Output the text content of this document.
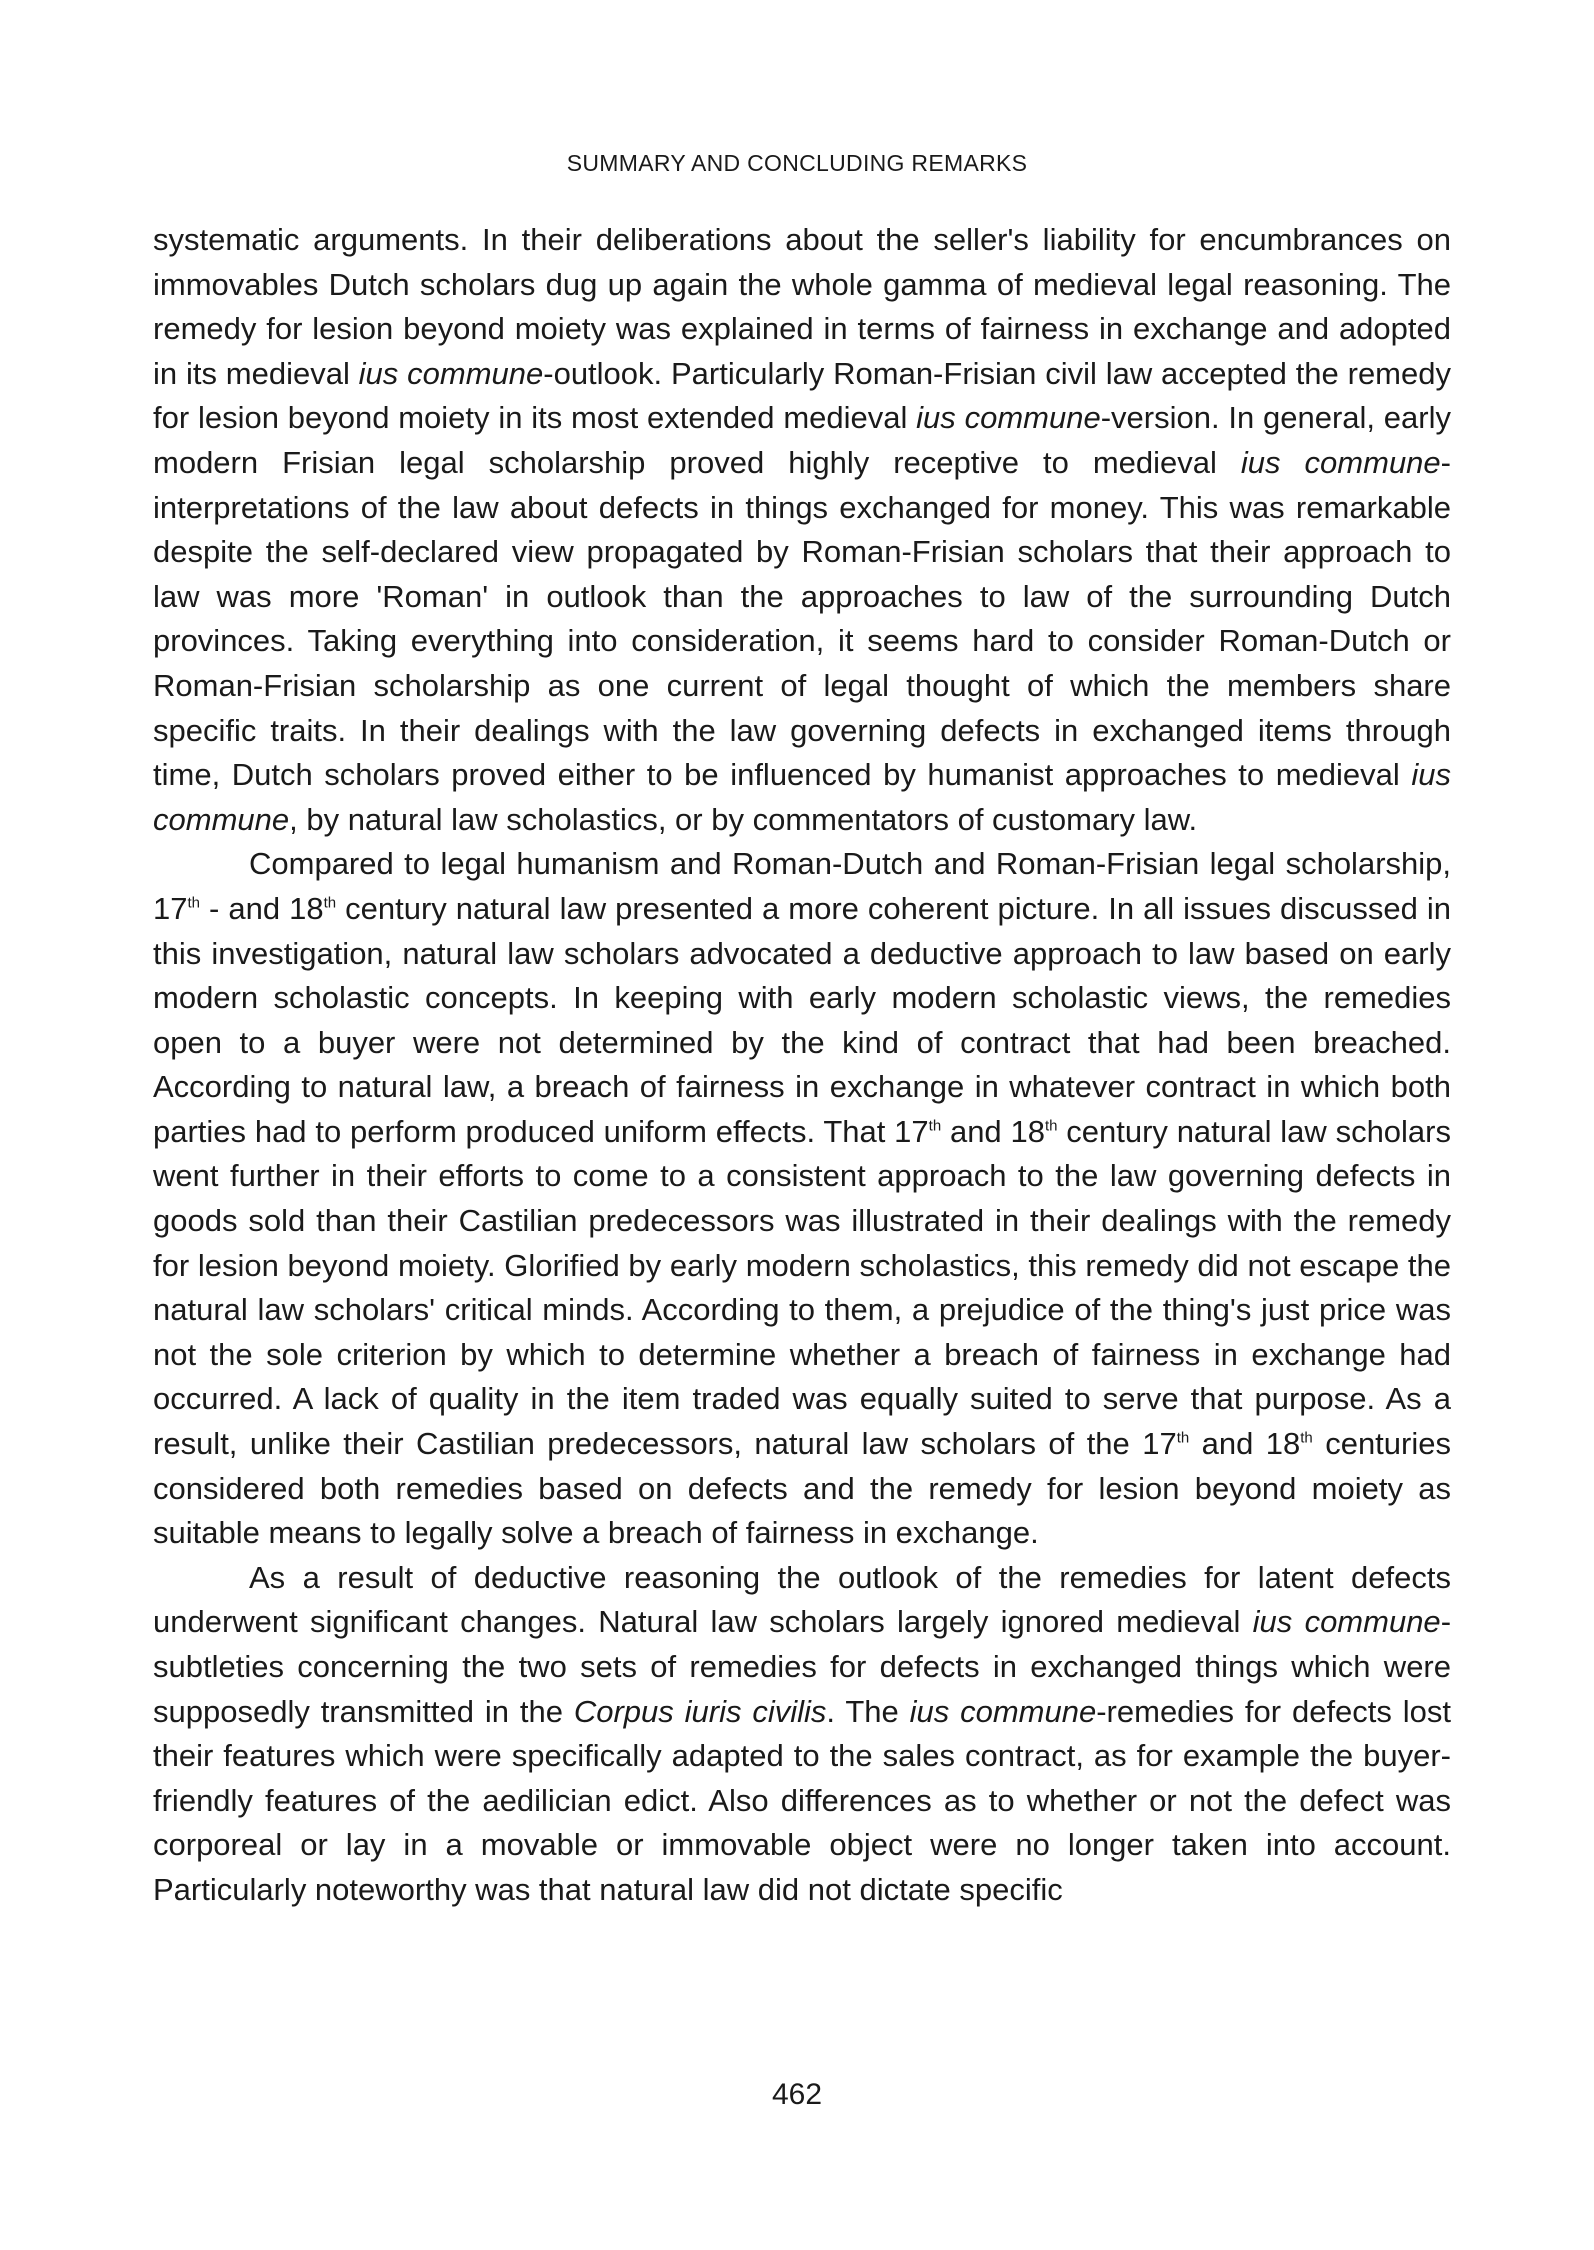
SUMMARY AND CONCLUDING REMARKS

systematic arguments. In their deliberations about the seller's liability for encumbrances on immovables Dutch scholars dug up again the whole gamma of medieval legal reasoning. The remedy for lesion beyond moiety was explained in terms of fairness in exchange and adopted in its medieval ius commune-outlook. Particularly Roman-Frisian civil law accepted the remedy for lesion beyond moiety in its most extended medieval ius commune-version. In general, early modern Frisian legal scholarship proved highly receptive to medieval ius commune-interpretations of the law about defects in things exchanged for money. This was remarkable despite the self-declared view propagated by Roman-Frisian scholars that their approach to law was more 'Roman' in outlook than the approaches to law of the surrounding Dutch provinces. Taking everything into consideration, it seems hard to consider Roman-Dutch or Roman-Frisian scholarship as one current of legal thought of which the members share specific traits. In their dealings with the law governing defects in exchanged items through time, Dutch scholars proved either to be influenced by humanist approaches to medieval ius commune, by natural law scholastics, or by commentators of customary law.

Compared to legal humanism and Roman-Dutch and Roman-Frisian legal scholarship, 17th - and 18th century natural law presented a more coherent picture. In all issues discussed in this investigation, natural law scholars advocated a deductive approach to law based on early modern scholastic concepts. In keeping with early modern scholastic views, the remedies open to a buyer were not determined by the kind of contract that had been breached. According to natural law, a breach of fairness in exchange in whatever contract in which both parties had to perform produced uniform effects. That 17th and 18th century natural law scholars went further in their efforts to come to a consistent approach to the law governing defects in goods sold than their Castilian predecessors was illustrated in their dealings with the remedy for lesion beyond moiety. Glorified by early modern scholastics, this remedy did not escape the natural law scholars' critical minds. According to them, a prejudice of the thing's just price was not the sole criterion by which to determine whether a breach of fairness in exchange had occurred. A lack of quality in the item traded was equally suited to serve that purpose. As a result, unlike their Castilian predecessors, natural law scholars of the 17th and 18th centuries considered both remedies based on defects and the remedy for lesion beyond moiety as suitable means to legally solve a breach of fairness in exchange.

As a result of deductive reasoning the outlook of the remedies for latent defects underwent significant changes. Natural law scholars largely ignored medieval ius commune-subtleties concerning the two sets of remedies for defects in exchanged things which were supposedly transmitted in the Corpus iuris civilis. The ius commune-remedies for defects lost their features which were specifically adapted to the sales contract, as for example the buyer-friendly features of the aedilician edict. Also differences as to whether or not the defect was corporeal or lay in a movable or immovable object were no longer taken into account. Particularly noteworthy was that natural law did not dictate specific

462
